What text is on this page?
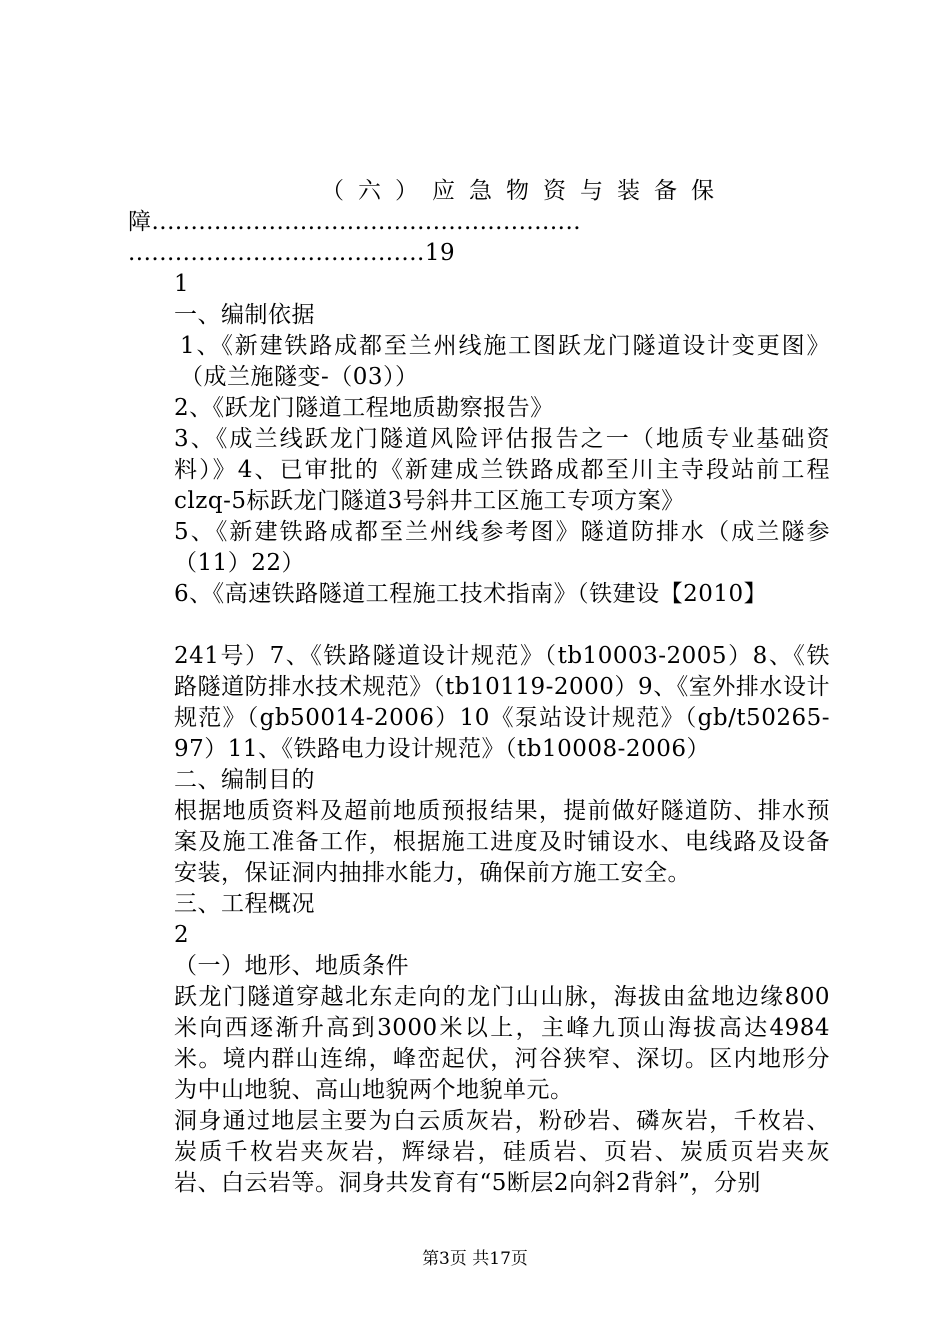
（ 六 ） 应 急 物 资 与 装 备 保
障.......................................................
......................................19
1
一、编制依据
1、《新建铁路成都至兰州线施工图跃龙门隧道设计变更图》（成兰施隧变-（03））
2、《跃龙门隧道工程地质勘察报告》
3、《成兰线跃龙门隧道风险评估报告之一（地质专业基础资料）》4、已审批的《新建成兰铁路成都至川主寺段站前工程clzq-5标跃龙门隧道3号斜井工区施工专项方案》
5、《新建铁路成都至兰州线参考图》隧道防排水（成兰隧参（11）22）
6、《高速铁路隧道工程施工技术指南》（铁建设【2010】
241号）7、《铁路隧道设计规范》（tb10003-2005）8、《铁路隧道防排水技术规范》（tb10119-2000）9、《室外排水设计规范》（gb50014-2006）10《泵站设计规范》（gb/t50265-97）11、《铁路电力设计规范》（tb10008-2006）
二、编制目的
根据地质资料及超前地质预报结果，提前做好隧道防、排水预案及施工准备工作，根据施工进度及时铺设水、电线路及设备安装，保证洞内抽排水能力，确保前方施工安全。
三、工程概况
2
（一）地形、地质条件
跃龙门隧道穿越北东走向的龙门山山脉，海拔由盆地边缘800米向西逐渐升高到3000米以上，主峰九顶山海拔高达4984米。境内群山连绵，峰峦起伏，河谷狭窄、深切。区内地形分为中山地貌、高山地貌两个地貌单元。
洞身通过地层主要为白云质灰岩，粉砂岩、磷灰岩，千枚岩、炭质千枚岩夹灰岩，辉绿岩，硅质岩、页岩、炭质页岩夹灰岩、白云岩等。洞身共发育有“5断层2向斜2背斜”，分别
第3页 共17页
